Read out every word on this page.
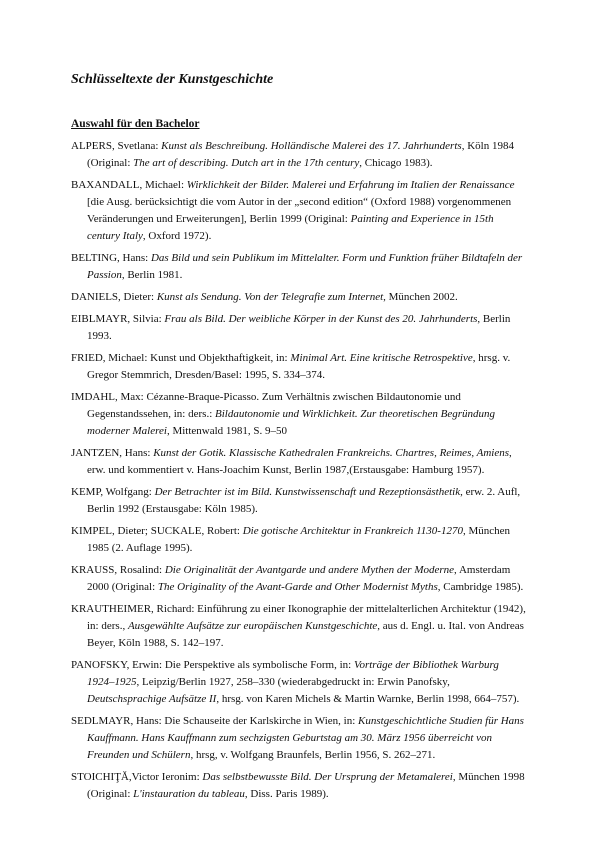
Schlüsseltexte der Kunstgeschichte
Auswahl für den Bachelor
ALPERS, Svetlana: Kunst als Beschreibung. Holländische Malerei des 17. Jahrhunderts, Köln 1984 (Original: The art of describing. Dutch art in the 17th century, Chicago 1983).
BAXANDALL, Michael: Wirklichkeit der Bilder. Malerei und Erfahrung im Italien der Renaissance [die Ausg. berücksichtigt die vom Autor in der „second edition“ (Oxford 1988) vorgenommenen Veränderungen und Erweiterungen], Berlin 1999 (Original: Painting and Experience in 15th century Italy, Oxford 1972).
BELTING, Hans: Das Bild und sein Publikum im Mittelalter. Form und Funktion früher Bildtafeln der Passion, Berlin 1981.
DANIELS, Dieter: Kunst als Sendung. Von der Telegrafie zum Internet, München 2002.
EIBLMAYR, Silvia: Frau als Bild. Der weibliche Körper in der Kunst des 20. Jahrhunderts, Berlin 1993.
FRIED, Michael: Kunst und Objekthaftigkeit, in: Minimal Art. Eine kritische Retrospektive, hrsg. v. Gregor Stemmrich, Dresden/Basel: 1995, S. 334–374.
IMDAHL, Max: Cézanne-Braque-Picasso. Zum Verhältnis zwischen Bildautonomie und Gegenstandssehen, in: ders.: Bildautonomie und Wirklichkeit. Zur theoretischen Begründung moderner Malerei, Mittenwald 1981, S. 9–50
JANTZEN, Hans: Kunst der Gotik. Klassische Kathedralen Frankreichs. Chartres, Reimes, Amiens, erw. und kommentiert v. Hans-Joachim Kunst, Berlin 1987,(Erstausgabe: Hamburg 1957).
KEMP, Wolfgang: Der Betrachter ist im Bild. Kunstwissenschaft und Rezeptionsästhetik, erw. 2. Aufl, Berlin 1992 (Erstausgabe: Köln 1985).
KIMPEL, Dieter; SUCKALE, Robert: Die gotische Architektur in Frankreich 1130-1270, München 1985 (2. Auflage 1995).
KRAUSS, Rosalind: Die Originalität der Avantgarde und andere Mythen der Moderne, Amsterdam 2000 (Original: The Originality of the Avant-Garde and Other Modernist Myths, Cambridge 1985).
KRAUTHEIMER, Richard: Einführung zu einer Ikonographie der mittelalterlichen Architektur (1942), in: ders., Ausgewählte Aufsätze zur europäischen Kunstgeschichte, aus d. Engl. u. Ital. von Andreas Beyer, Köln 1988, S. 142–197.
PANOFSKY, Erwin: Die Perspektive als symbolische Form, in: Vorträge der Bibliothek Warburg 1924–1925, Leipzig/Berlin 1927, 258–330 (wiederabgedruckt in: Erwin Panofsky, Deutschsprachige Aufsätze II, hrsg. von Karen Michels & Martin Warnke, Berlin 1998, 664–757).
SEDLMAYR, Hans: Die Schauseite der Karlskirche in Wien, in: Kunstgeschichtliche Studien für Hans Kauffmann. Hans Kauffmann zum sechzigsten Geburtstag am 30. März 1956 überreicht von Freunden und Schülern, hrsg, v. Wolfgang Braunfels, Berlin 1956, S. 262–271.
STOICHIŢĂ,Victor Ieronim: Das selbstbewusste Bild. Der Ursprung der Metamalerei, München 1998 (Original: L'instauration du tableau, Diss. Paris 1989).
